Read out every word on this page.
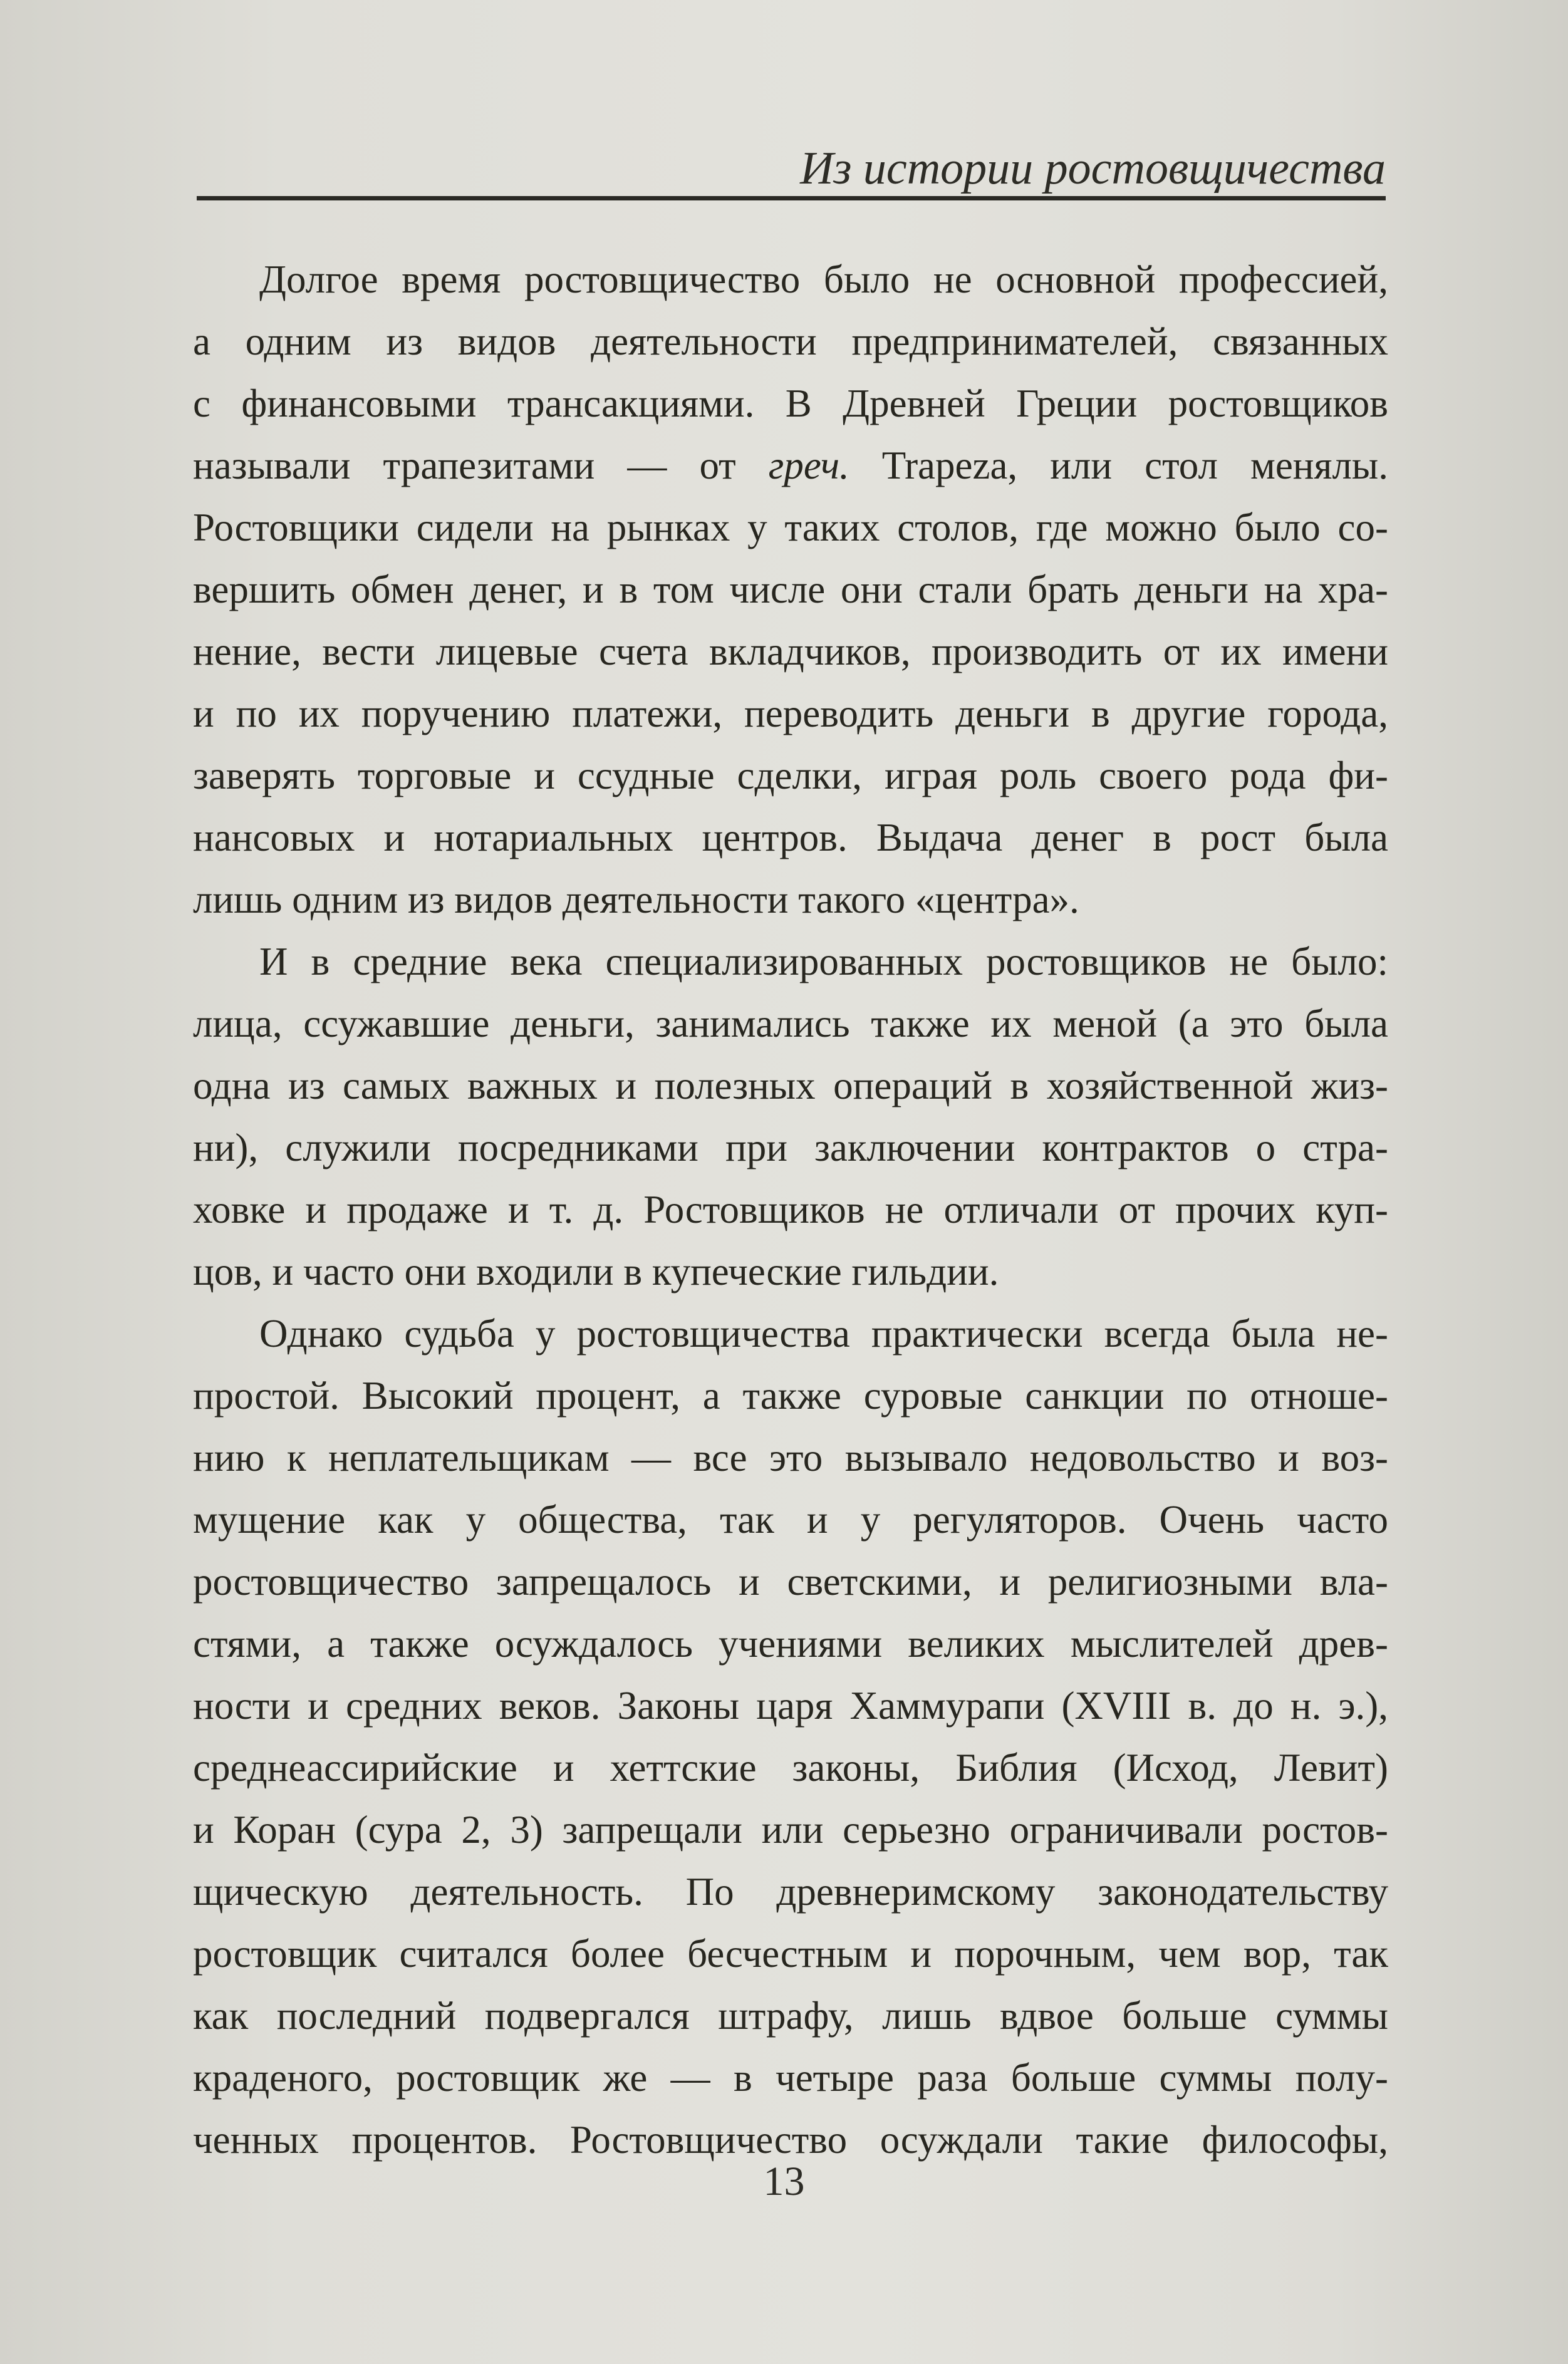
Из истории ростовщичества
Долгое время ростовщичество было не основной профессией,
а одним из видов деятельности предпринимателей, связанных
с финансовыми трансакциями. В Древней Греции ростовщиков
называли трапезитами — от греч. Trapeza, или стол менялы.
Ростовщики сидели на рынках у таких столов, где можно было со-
вершить обмен денег, и в том числе они стали брать деньги на хра-
нение, вести лицевые счета вкладчиков, производить от их имени
и по их поручению платежи, переводить деньги в другие города,
заверять торговые и ссудные сделки, играя роль своего рода фи-
нансовых и нотариальных центров. Выдача денег в рост была
лишь одним из видов деятельности такого «центра».
И в средние века специализированных ростовщиков не было:
лица, ссужавшие деньги, занимались также их меной (а это была
одна из самых важных и полезных операций в хозяйственной жиз-
ни), служили посредниками при заключении контрактов о стра-
ховке и продаже и т. д. Ростовщиков не отличали от прочих куп-
цов, и часто они входили в купеческие гильдии.
Однако судьба у ростовщичества практически всегда была не-
простой. Высокий процент, а также суровые санкции по отноше-
нию к неплательщикам — все это вызывало недовольство и воз-
мущение как у общества, так и у регуляторов. Очень часто
ростовщичество запрещалось и светскими, и религиозными вла-
стями, а также осуждалось учениями великих мыслителей древ-
ности и средних веков. Законы царя Хаммурапи (XVIII в. до н. э.),
среднеассирийские и хеттские законы, Библия (Исход, Левит)
и Коран (сура 2, 3) запрещали или серьезно ограничивали ростов-
щическую деятельность. По древнеримскому законодательству
ростовщик считался более бесчестным и порочным, чем вор, так
как последний подвергался штрафу, лишь вдвое больше суммы
краденого, ростовщик же — в четыре раза больше суммы полу-
ченных процентов. Ростовщичество осуждали такие философы,
13
